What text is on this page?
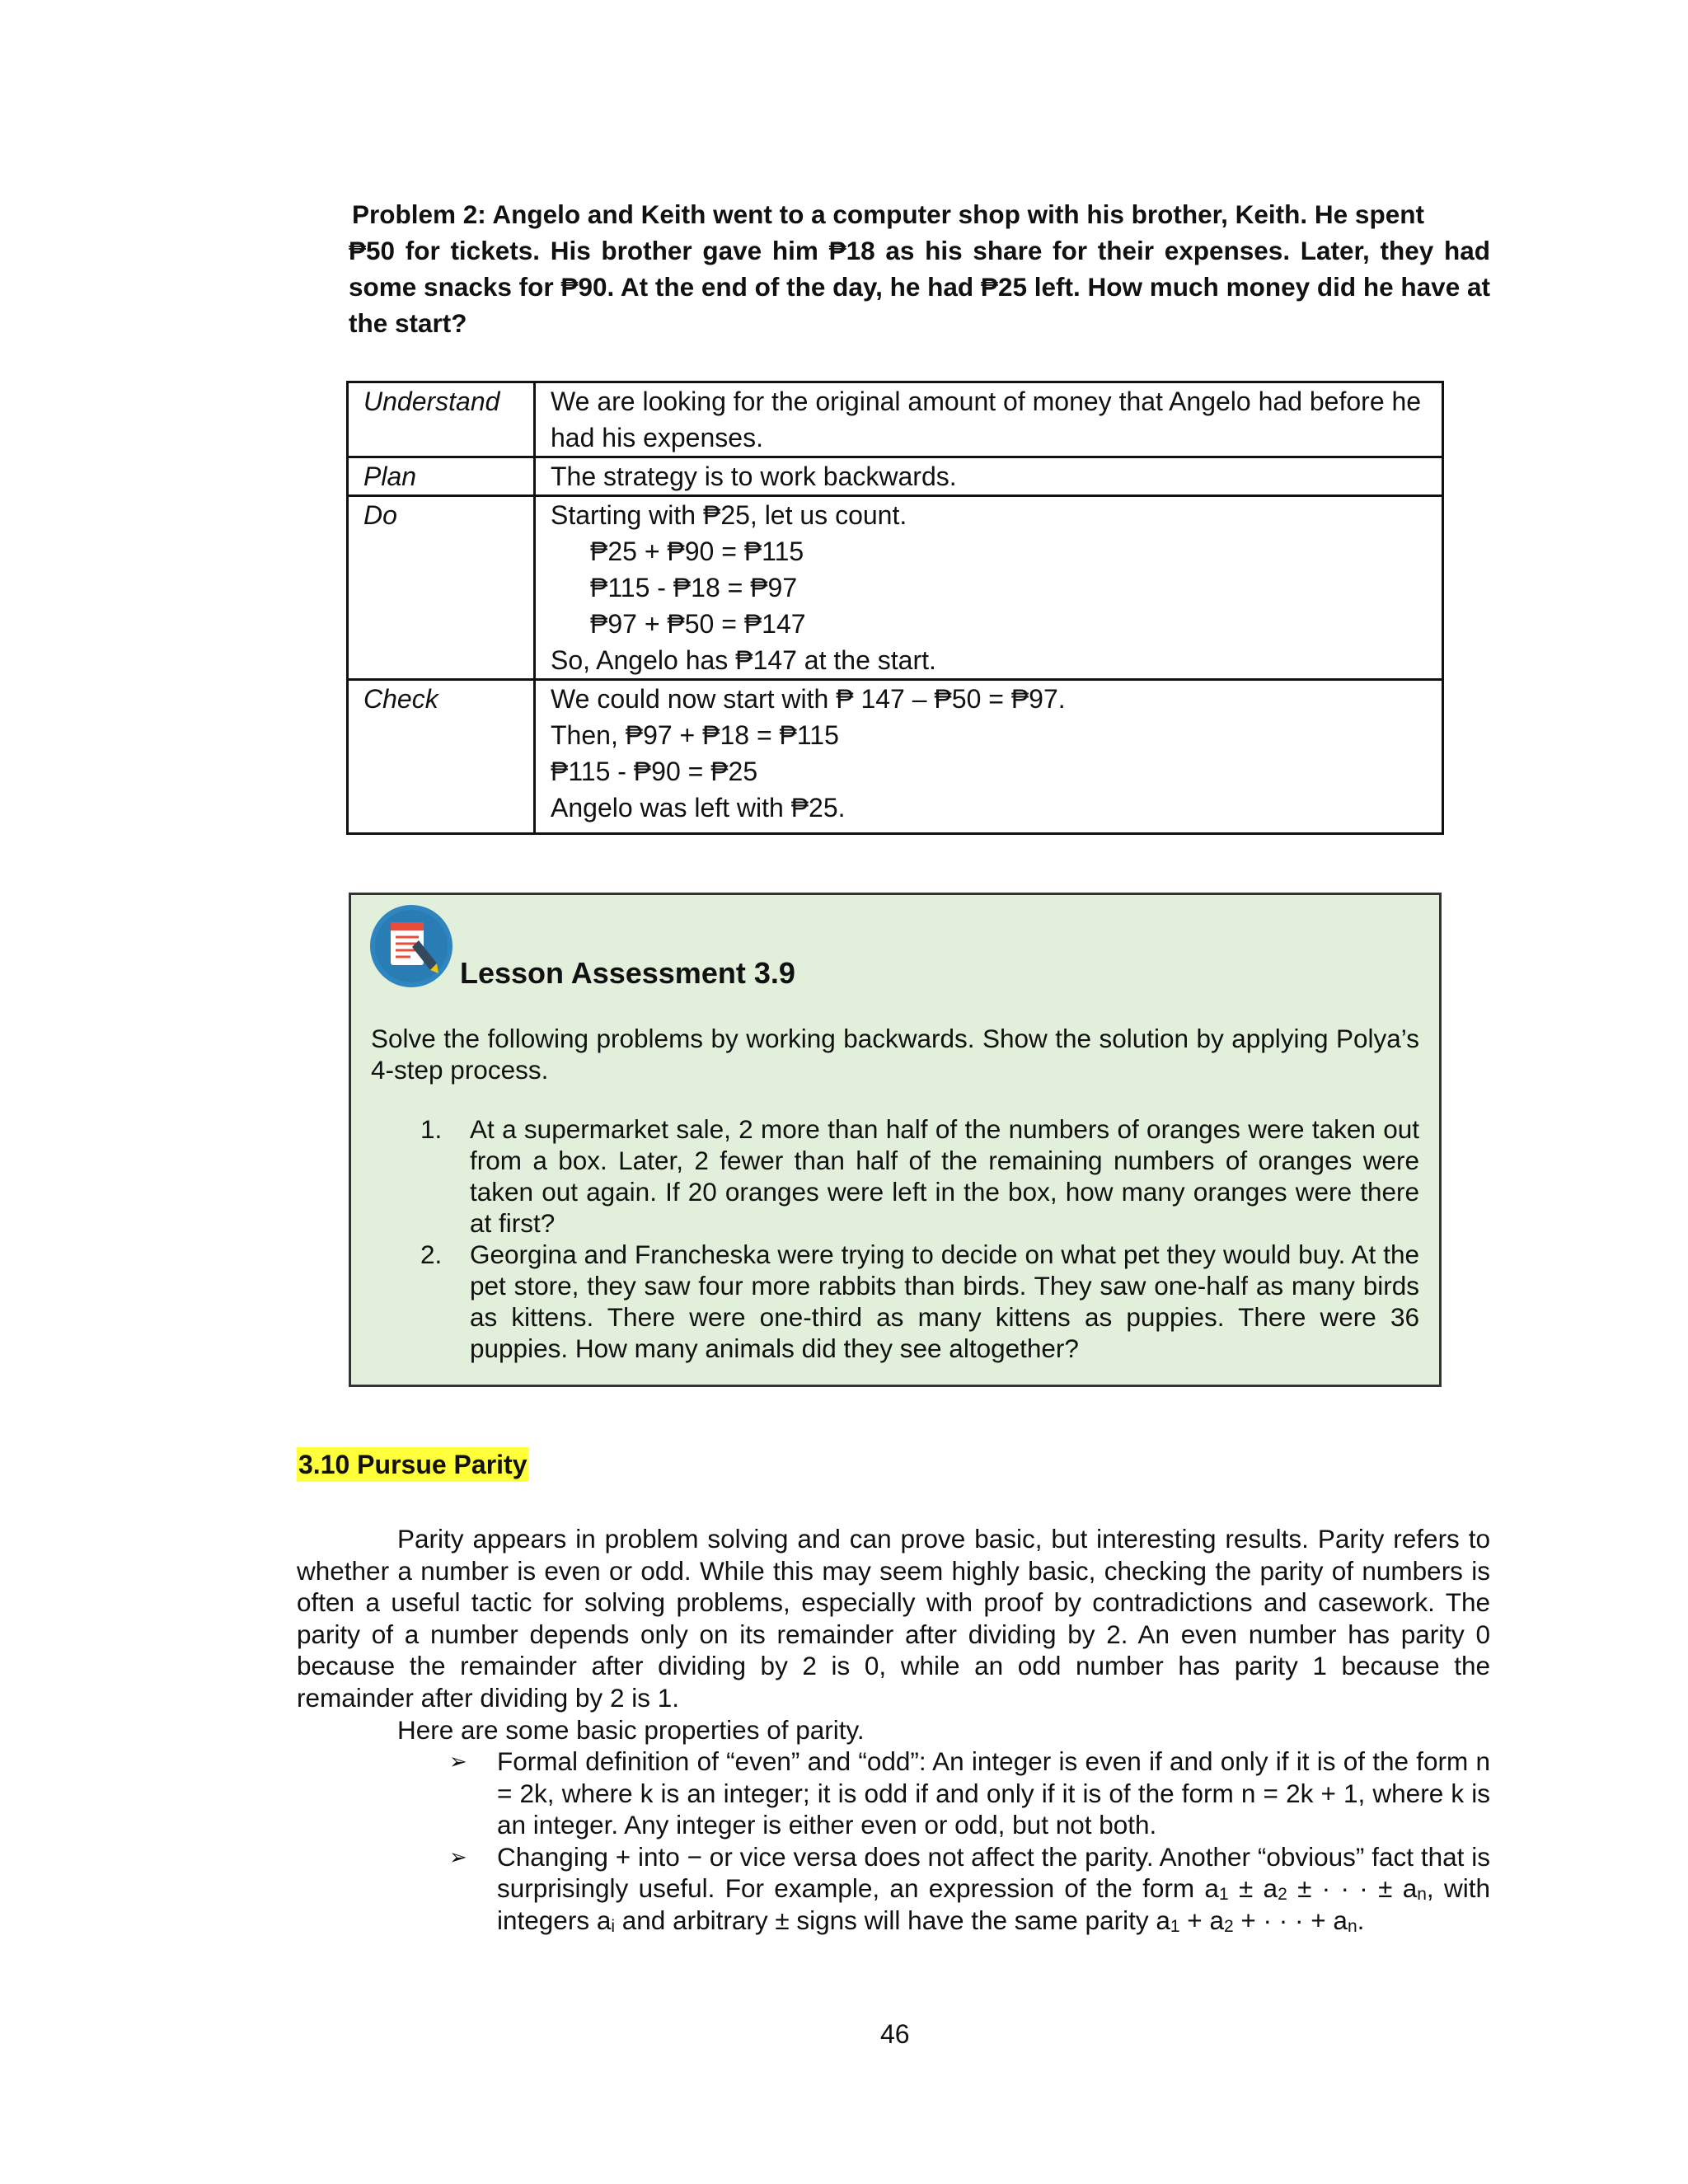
Problem 2: Angelo and Keith went to a computer shop with his brother, Keith. He spent
₱50 for tickets. His brother gave him ₱18 as his share for their expenses. Later, they had some snacks for ₱90. At the end of the day, he had ₱25 left. How much money did he have at the start?
Understand	We are looking for the original amount of money that Angelo had before he had his expenses.
Plan	The strategy is to work backwards.
Do	Starting with ₱25, let us count.
₱25 + ₱90 = ₱115
₱115 - ₱18 = ₱97
₱97 + ₱50 = ₱147
So, Angelo has ₱147 at the start.

Check	We could now start with ₱ 147 – ₱50 = ₱97.
Then, ₱97 + ₱18 = ₱115
₱115 - ₱90 = ₱25
Angelo was left with ₱25.
Lesson Assessment 3.9
Solve the following problems by working backwards. Show the solution by applying Polya’s 4-step process.
1. At a supermarket sale, 2 more than half of the numbers of oranges were taken out from a box. Later, 2 fewer than half of the remaining numbers of oranges were taken out again. If 20 oranges were left in the box, how many oranges were there at first?
2. Georgina and Francheska were trying to decide on what pet they would buy. At the pet store, they saw four more rabbits than birds. They saw one-half as many birds as kittens. There were one-third as many kittens as puppies. There were 36 puppies. How many animals did they see altogether?
3.10 Pursue Parity
Parity appears in problem solving and can prove basic, but interesting results. Parity refers to whether a number is even or odd. While this may seem highly basic, checking the parity of numbers is often a useful tactic for solving problems, especially with proof by contradictions and casework. The parity of a number depends only on its remainder after dividing by 2. An even number has parity 0 because the remainder after dividing by 2 is 0, while an odd number has parity 1 because the remainder after dividing by 2 is 1.
Here are some basic properties of parity.
➢ Formal definition of “even” and “odd”: An integer is even if and only if it is of the form n = 2k, where k is an integer; it is odd if and only if it is of the form n = 2k + 1, where k is an integer. Any integer is either even or odd, but not both.
➢ Changing + into − or vice versa does not affect the parity. Another “obvious” fact that is surprisingly useful. For example, an expression of the form $a_1 \pm a_2$ ± · · · ± $a_n$, with integers $a_i$ and arbitrary ± signs will have the same parity $a_1 + a_2$ + · · · + $a_n$.
46
